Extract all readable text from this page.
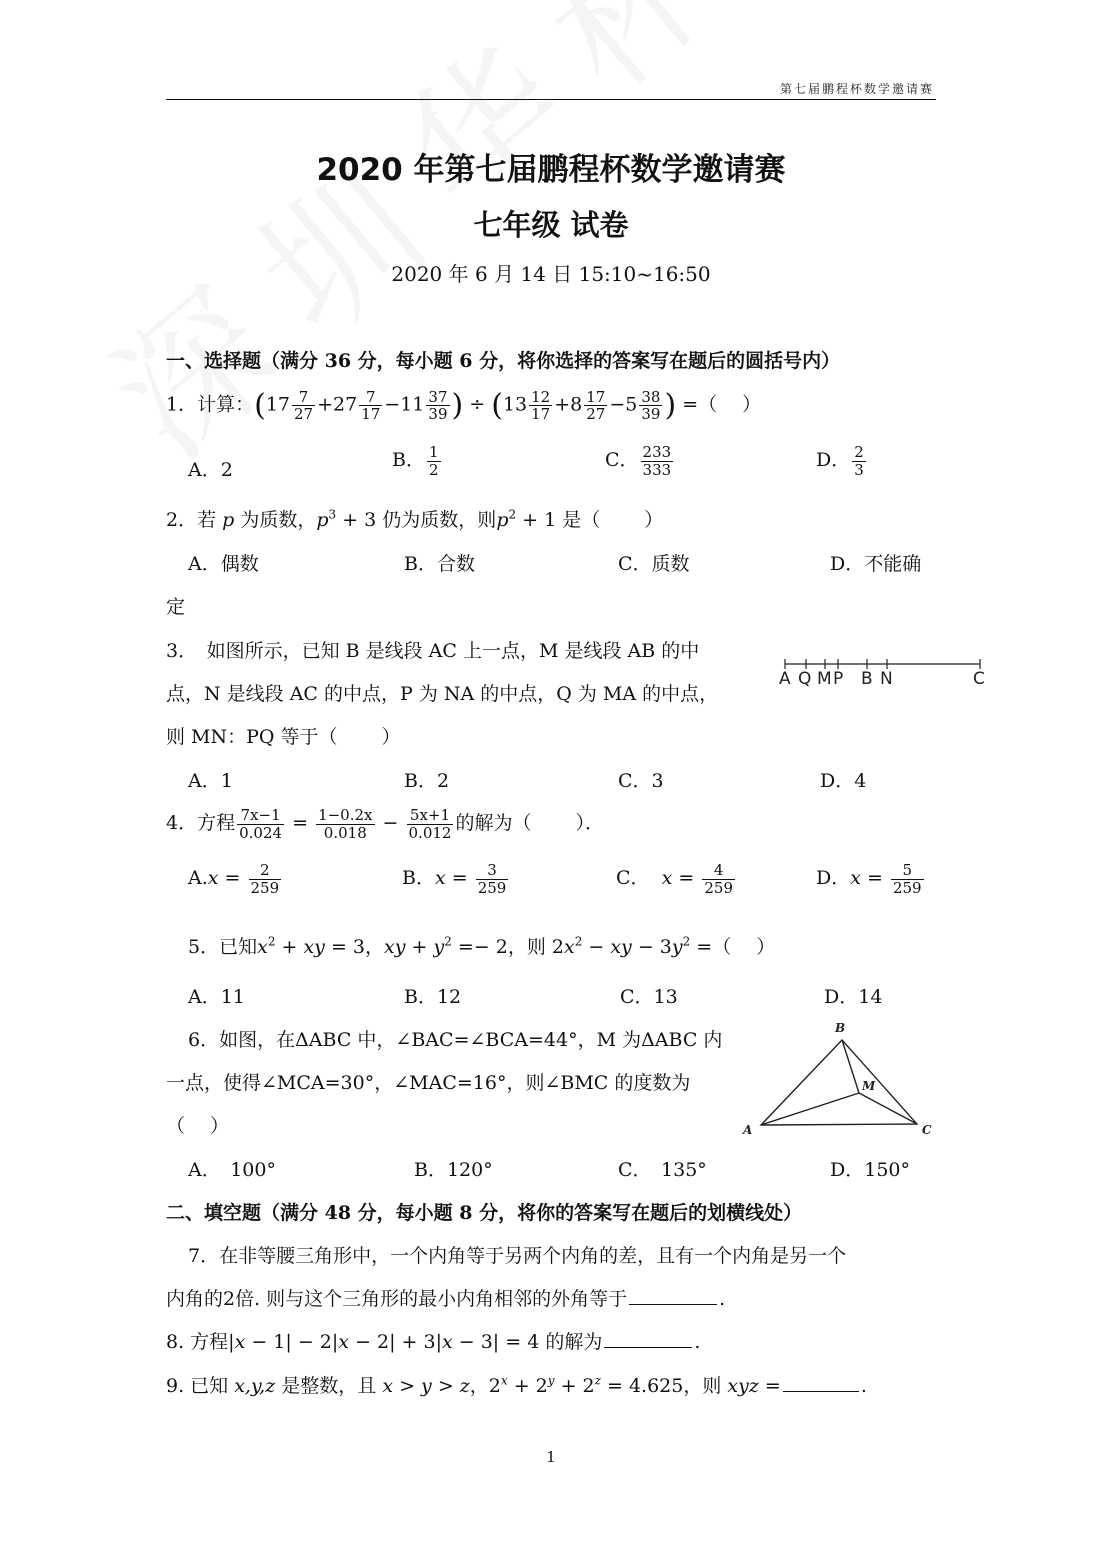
第七届鹏程杯数学邀请赛
2020 年第七届鹏程杯数学邀请赛
七年级 试卷
2020 年 6 月 14 日 15:10~16:50
一、选择题（满分 36 分，每小题 6 分，将你选择的答案写在题后的圆括号内）
1．计算：($17 \frac{7}{27} +27 \frac{7}{17} -11 \frac{37}{39}$ ) ÷ ($13 \frac{12}{17} +8 \frac{17}{27} -5 \frac{38}{39}$ ) =（　 ）
A．2	B． $\frac{1}{2}$	C． $\frac{233}{333}$	D． $\frac{2}{3}$
2．若 p 为质数，$p^3 + 3$ 仍为质数，则$p^2 + 1$ 是（　　 ）
A．偶数	B．合数	C．质数	D．不能确
定
3．　如图所示，已知 B 是线段 AC 上一点，M 是线段 AB 的中
点，N 是线段 AC 的中点，P 为 NA 的中点，Q 为 MA 的中点，
则 MN：PQ 等于（　　 ）
A Q M P B N	C
A．1	B．2	C．3	D．4
4．方程 $\frac{7x-1}{0.024} = \frac{1-0.2x}{0.018} - \frac{5x+1}{0.012}$ 的解为（　　 ）．
$A.x = \frac{2}{259}$	B．$x = \frac{3}{259}$	C． $x = \frac{4}{259}$	D．$x = \frac{5}{259}$
5．已知$x^2$ + xy = 3，xy + $y^2 =- 2$，则 $2x^2$ − xy − $3y^2$ =（　 ）
A．11	B．12	C．13	D．14
6．如图，在ΔABC 中，∠BAC=∠BCA=44°，M 为ΔABC 内
一点，使得∠MCA=30°，∠MAC=16°，则∠BMC 的度数为
（　 ）	A
B
C
M
A．　100°	B．120°	C．　135°	D．150°
二、填空题（满分 48 分，每小题 8 分，将你的答案写在题后的划横线处）
7．在非等腰三角形中，一个内角等于另两个内角的差，且有一个内角是另一个
内角的2倍. 则与这个三角形的最小内角相邻的外角等于	.
8. 方程|x − 1| − 2|x − 2| + 3|x − 3| = 4 的解为	.
9. 已知 x,y,z 是整数，且 x > y > z，$2^x + 2^y + 2^z = 4.625$，则 xyz =	.
1
